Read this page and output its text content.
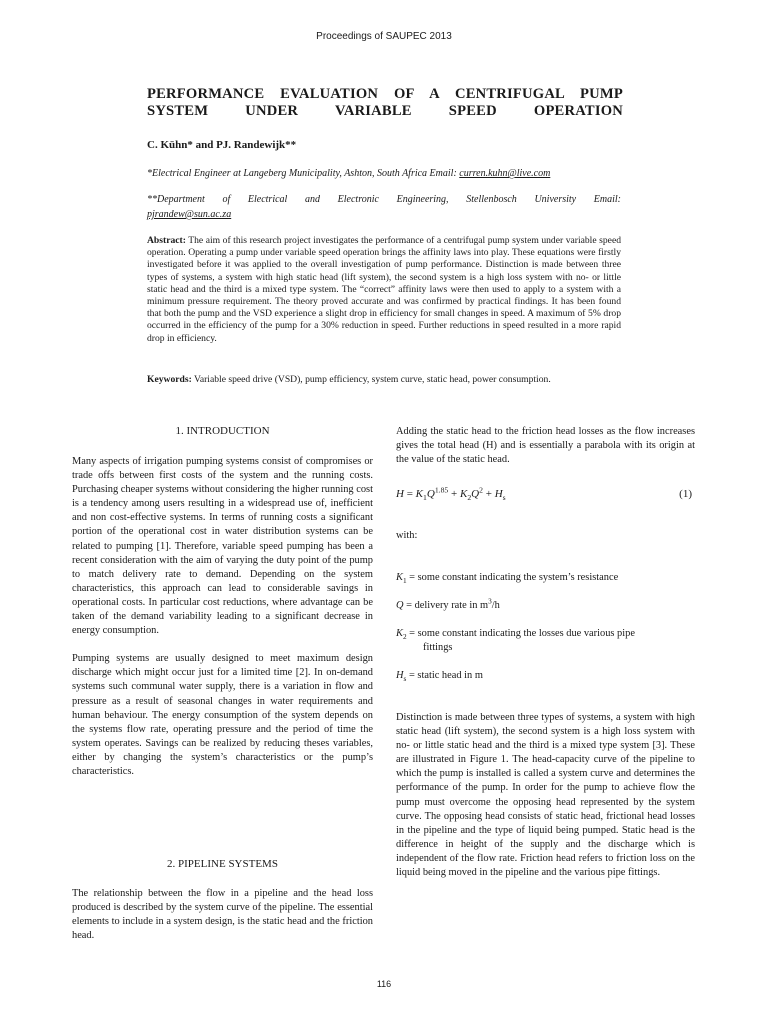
Proceedings of SAUPEC 2013
PERFORMANCE EVALUATION OF A CENTRIFUGAL PUMP SYSTEM UNDER VARIABLE SPEED OPERATION
C. Kühn* and PJ. Randewijk**
*Electrical Engineer at Langeberg Municipality, Ashton, South Africa Email: curren.kuhn@live.com
**Department of Electrical and Electronic Engineering, Stellenbosch University Email:
pjrandew@sun.ac.za
Abstract: The aim of this research project investigates the performance of a centrifugal pump system under variable speed operation. Operating a pump under variable speed operation brings the affinity laws into play. These equations were firstly investigated before it was applied to the overall investigation of pump performance. Distinction is made between three types of systems, a system with high static head (lift system), the second system is a high loss system with no- or little static head and the third is a mixed type system. The “correct” affinity laws were then used to apply to a system with a minimum pressure requirement. The theory proved accurate and was confirmed by practical findings. It has been found that both the pump and the VSD experience a slight drop in efficiency for small changes in speed. A maximum of 5% drop occurred in the efficiency of the pump for a 30% reduction in speed. Further reductions in speed resulted in a more rapid drop in efficiency.
Keywords: Variable speed drive (VSD), pump efficiency, system curve, static head, power consumption.
1. INTRODUCTION

Many aspects of irrigation pumping systems consist of compromises or trade offs between first costs of the system and the running costs. Purchasing cheaper systems without considering the higher running cost is a tendency among users resulting in a widespread use of, inefficient and non cost-effective systems. In terms of running costs a significant portion of the operational cost in water distribution systems can be related to pumping [1]. Therefore, variable speed pumping has been a recent consideration with the aim of varying the duty point of the pump to match delivery rate to demand. Depending on the system characteristics, this approach can lead to considerable savings in operational costs. In particular cost reductions, where advantage can be taken of the demand variability leading to a significant decrease in energy consumption.

Pumping systems are usually designed to meet maximum design discharge which might occur just for a limited time [2]. In on-demand systems such communal water supply, there is a variation in flow and pressure as a result of seasonal changes in water requirements and human behaviour. The energy consumption of the system depends on the systems flow rate, operating pressure and the period of time the system operates. Savings can be realized by reducing theses variables, either by changing the system’s characteristics or the pump’s characteristics.

2. PIPELINE SYSTEMS
The relationship between the flow in a pipeline and the head loss produced is described by the system curve of the pipeline. The essential elements to include in a system design, is the static head and the friction head.
Adding the static head to the friction head losses as the flow increases gives the total head (H) and is essentially a parabola with its origin at the value of the static head.
$H = K_1Q^{1.85} + K_2Q^2 + H_s$	(1)
with:
$K_1$ = some constant indicating the system’s resistance
Q = delivery rate in $m^3/h$
$K_2$ = some constant indicating the losses due various pipe
fittings
$H_s$ = static head in m
Distinction is made between three types of systems, a system with high static head (lift system), the second system is a high loss system with no- or little static head and the third is a mixed type system [3]. These are illustrated in Figure 1. The head-capacity curve of the pipeline to which the pump is installed is called a system curve and determines the performance of the pump. In order for the pump to achieve flow the pump must overcome the opposing head represented by the system curve. The opposing head consists of static head, frictional head losses in the pipeline and the type of liquid being pumped. Static head is the difference in height of the supply and the discharge which is independent of the flow rate. Friction head refers to friction loss on the liquid being moved in the pipeline and the various pipe fittings.
116
